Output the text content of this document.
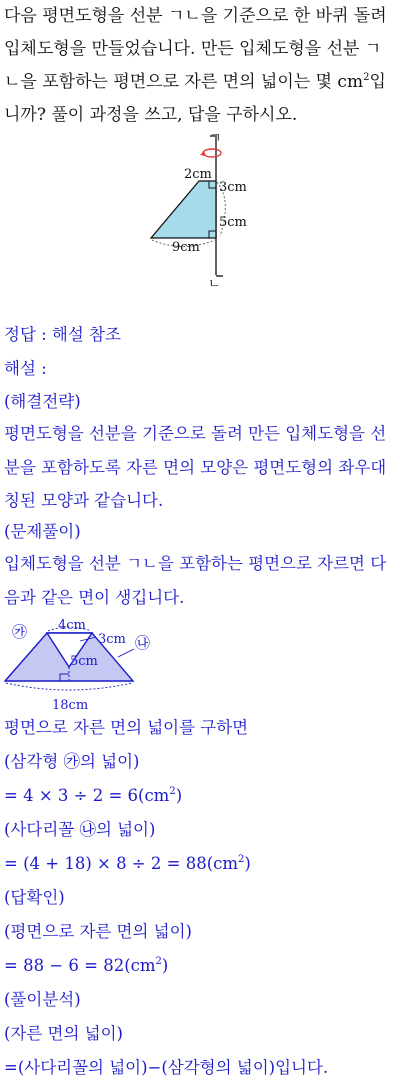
다음 평면도형을 선분 ㄱㄴ을 기준으로 한 바퀴 돌려
입체도형을 만들었습니다. 만든 입체도형을 선분 ㄱ
ㄴ을 포함하는 평면으로 자른 면의 넓이는 몇 $cm^2$입
니까? 풀이 과정을 쓰고, 답을 구하시오.
ㄱ
ㄴ
2cm
3cm
5cm
9cm
정답 : 해설 참조
해설 :
(해결전략)
평면도형을 선분을 기준으로 돌려 만든 입체도형을 선
분을 포함하도록 자른 면의 모양은 평면도형의 좌우대
칭된 모양과 같습니다.
(문제풀이)
입체도형을 선분 ㄱㄴ을 포함하는 평면으로 자르면 다
음과 같은 면이 생깁니다.
㉮
㉯
4cm
3cm
5cm
18cm
평면으로 자른 면의 넓이를 구하면
(삼각형 ㉮의 넓이)
= $4 \times 3 \div 2 = 6(cm^2)$
(사다리꼴 ㉯의 넓이)
= $(4 + 18) \times 8 \div 2 = 88(cm^2)$
(답확인)
(평면으로 자른 면의 넓이)
= $88 - 6 = 82(cm^2)$
(풀이분석)
(자른 면의 넓이)
=(사다리꼴의 넓이)−(삼각형의 넓이)입니다.
